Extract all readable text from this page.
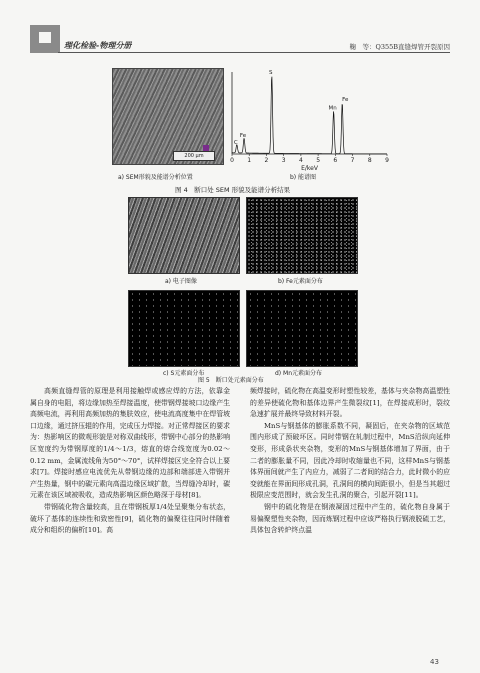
理化检验-物理分册	鞠　等：Q355B直缝焊管开裂原因
200 μm
0 1 2 3 4 5 6 7 8 9
E/keV
C
Fe
S
Mn
Fe
a) SEM形貌及能谱分析位置	b) 能谱图
图 4　断口处 SEM 形貌及能谱分析结果
a) 电子图像	b) Fe元素面分布
c) S元素面分布	d) Mn元素面分布
图 5　断口处元素面分布

高频直缝焊管的原理是利用接触焊或感应焊的方法，依靠金属自身的电阻，将边缘加热至焊接温度，使带钢焊接坡口边缘产生高频电流，再利用高频加热的集肤效应，使电流高度集中在焊管坡口边缘，通过挤压辊的作用，完成压力焊接。对正常焊接区的要求为：热影响区的微观形貌是对称双曲线形，带钢中心部分的热影响区宽度约为带钢厚度的1/4～1/3，熔直的熔合线宽度为0.02～0.12 mm，金属流线角为50°～70°，试样焊接区完全符合以上要求[7]。焊接时感应电流优先从带钢边缘的边部和端部进入带钢并产生热量，钢中的碳元素向高温边缘区域扩散，当焊缝冷却时，碳元素在该区域被吸收，造成热影响区颜色略深于母材[8]。

带钢硫化物含量较高，且在带钢板厚1/4处呈聚集分布状态，破坏了基体的连续性和致密性[9]，硫化物的偏聚往往同时伴随着成分和组织的偏析[10]。高

频焊接时，硫化物在高温变形时塑性较差，基体与夹杂物高温塑性的差异使硫化物和基体边界产生微裂纹[1]，在焊接成形时，裂纹急速扩展并最终导致材料开裂。

MnS与钢基体的膨胀系数不同，凝固后，在夹杂物的区域范围内形成了预破坏区。同时带钢在轧制过程中，MnS沿纵向延伸变形，形成条状夹杂物，变形的MnS与钢基体增加了界面，由于二者的膨胀量不同，因此冷却时收缩量也不同，这样MnS与钢基体界面间就产生了内应力，减弱了二者间的结合力，此时微小的应变就能在界面间形成孔洞，孔洞间的横向间距很小，但是当其超过极限应变范围时，就会发生孔洞的聚合，引起开裂[11]。

钢中的硫化物是在钢液凝固过程中产生的，硫化物自身属于易偏聚塑性夹杂物，因而炼钢过程中应该严格执行钢液脱硫工艺，具体包含转炉终点温

43
